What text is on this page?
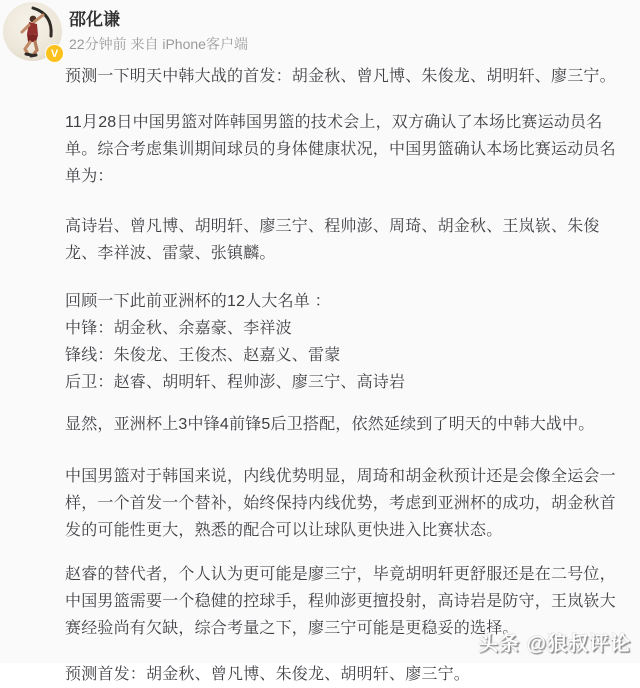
V
邵化谦
22分钟前 来自 iPhone客户端

预测一下明天中韩大战的首发：胡金秋、曾凡博、朱俊龙、胡明轩、廖三宁。

11月28日中国男篮对阵韩国男篮的技术会上，双方确认了本场比赛运动员名单。综合考虑集训期间球员的身体健康状况，中国男篮确认本场比赛运动员名单为：

高诗岩、曾凡博、胡明轩、廖三宁、程帅澎、周琦、胡金秋、王岚嵚、朱俊龙、李祥波、雷蒙、张镇麟。

回顾一下此前亚洲杯的12人大名单 ：

中锋：胡金秋、余嘉豪、李祥波

锋线：朱俊龙、王俊杰、赵嘉义、雷蒙

后卫：赵睿、胡明轩、程帅澎、廖三宁、高诗岩

显然，亚洲杯上3中锋4前锋5后卫搭配，依然延续到了明天的中韩大战中。

中国男篮对于韩国来说，内线优势明显，周琦和胡金秋预计还是会像全运会一样，一个首发一个替补，始终保持内线优势，考虑到亚洲杯的成功，胡金秋首发的可能性更大，熟悉的配合可以让球队更快进入比赛状态。

赵睿的替代者，个人认为更可能是廖三宁，毕竟胡明轩更舒服还是在二号位，中国男篮需要一个稳健的控球手，程帅澎更擅投射，高诗岩是防守，王岚嵚大赛经验尚有欠缺，综合考量之下，廖三宁可能是更稳妥的选择。

预测首发：胡金秋、曾凡博、朱俊龙、胡明轩、廖三宁。

头条 @狼叔评论
